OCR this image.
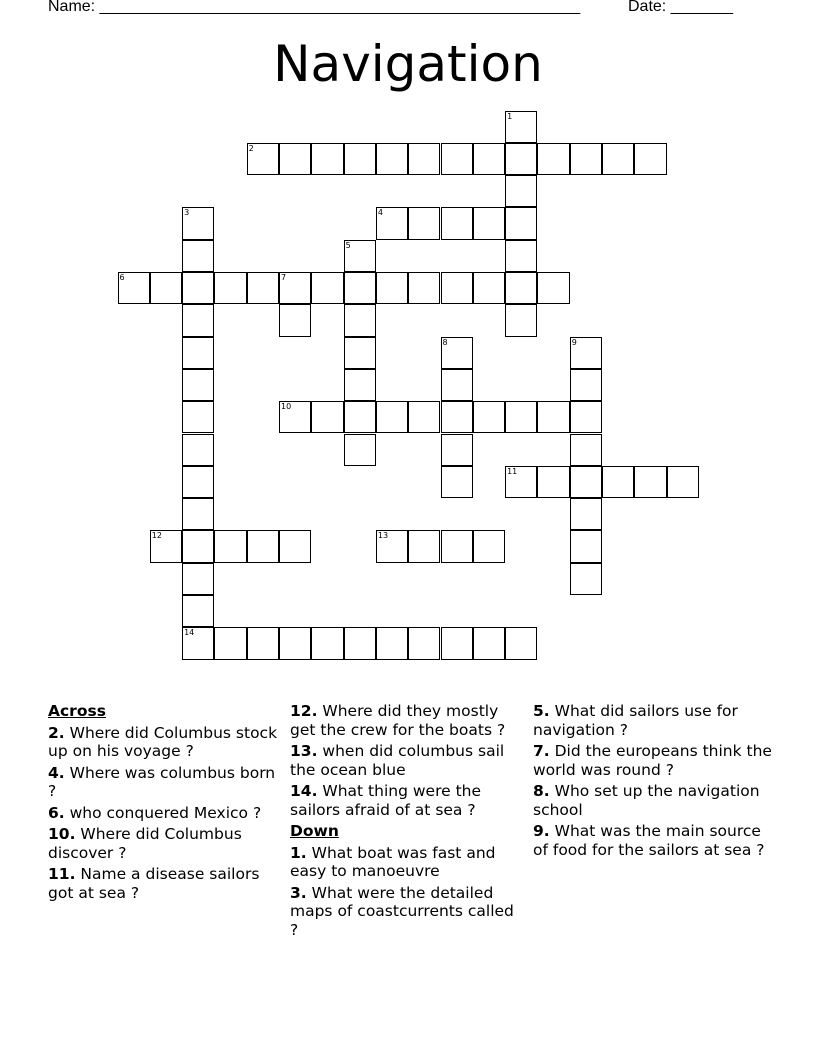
Name: ______________________________________________________	Date: _______
Navigation
1
2
3
14
4
5
6	7
8	9
10
11
12	13
Across
2. Where did Columbus stock up on his voyage ?
4. Where was columbus born ?
6. who conquered Mexico ?
10. Where did Columbus discover ?
11. Name a disease sailors got at sea ?
12. Where did they mostly get the crew for the boats ?
13. when did columbus sail the ocean blue
14. What thing were the sailors afraid of at sea ?
Down
1. What boat was fast and easy to manoeuvre
3. What were the detailed maps of coastcurrents called ?
5. What did sailors use for navigation ?
7. Did the europeans think the world was round ?
8. Who set up the navigation school
9. What was the main source of food for the sailors at sea ?
